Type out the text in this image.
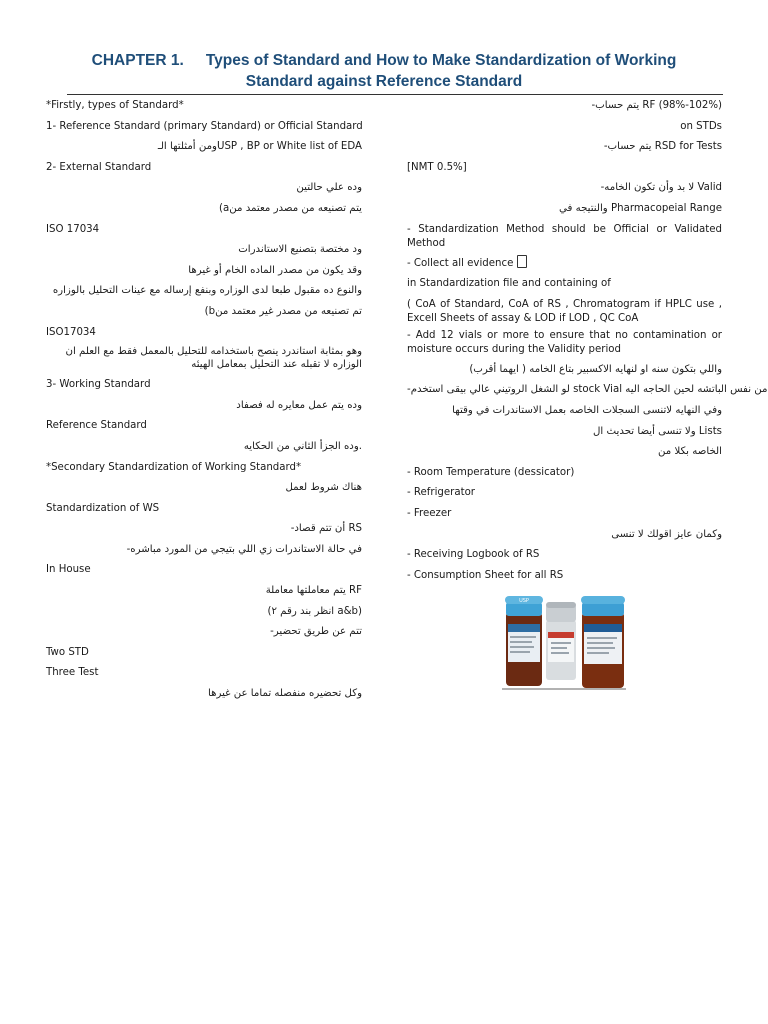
CHAPTER 1. Types of Standard and How to Make Standardization of Working
Standard against Reference Standard
*Firstly, types of Standard*
1- Reference Standard (primary Standard) or Official Standard
ومن أمثلتها الـUSP , BP or White list of EDA
2- External Standard
وده علي حالتين
(aيتم تصنيعه من مصدر معتمد من
ISO 17034
ود مختصة بتصنيع الاستاندرات
وقد يكون من مصدر الماده الخام أو غيرها
والنوع ده مقبول طبعا لدى الوزاره وبنفع إرساله مع عينات التحليل بالوزاره
(bتم تصنيعه من مصدر غير معتمد من
ISO17034
وهو بمثابة استاندرد ينصح باستخدامه للتحليل بالمعمل فقط مع العلم ان الوزاره لا تقبله عند التحليل بمعامل الهيئه
3- Working Standard
وده يتم عمل معايره له فصفاد
Reference Standard
وده الجزأ الثاني من الحكايه.
*Secondary Standardization of Working Standard*
هناك شروط لعمل
Standardization of WS
-أن تتم قصاد RS
-في حالة الاستاندرات زي اللي بتيجي من المورد مباشره
In House
يتم معاملتها معاملة RF
(انظر بند رقم ٢ a&b)
-تتم عن طريق تحضير
Two STD
Three Test
وكل تحضيره منفصله تماما عن غيرها
-يتم حساب RF (98%-102%)
on STDs
-يتم حساب RSD for Tests
[NMT 0.5%]
-لا بد وأن تكون الخامه Valid
والنتيجه في Pharmacopeial Range
- Standardization Method should be Official or Validated Method
- Collect all evidence
in Standardization file and containing of
( CoA of Standard, CoA of RS , Chromatogram if HPLC use , Excell Sheets of assay & LOD if LOD , QC CoA
- Add 12 vials or more to ensure that no contamination or moisture occurs during the Validity period
واللي بتكون سنه او لنهايه الاكسبير بتاع الخامه ( ايهما أقرب)
-لو الشغل الروتيني عالي بيقى استخدم stock Vial من نفس الباتشه لحين الحاجه اليه
وفي النهايه لاتنسى السجلات الخاصه بعمل الاستاندرات في وقتها
ولا تنسى أيضا تحديث ال Lists
الخاصه بكلا من
- Room Temperature (dessicator)
- Refrigerator
- Freezer
وكمان عايز اقولك لا تنسى
- Receiving Logbook of RS
- Consumption Sheet for all RS
USP
